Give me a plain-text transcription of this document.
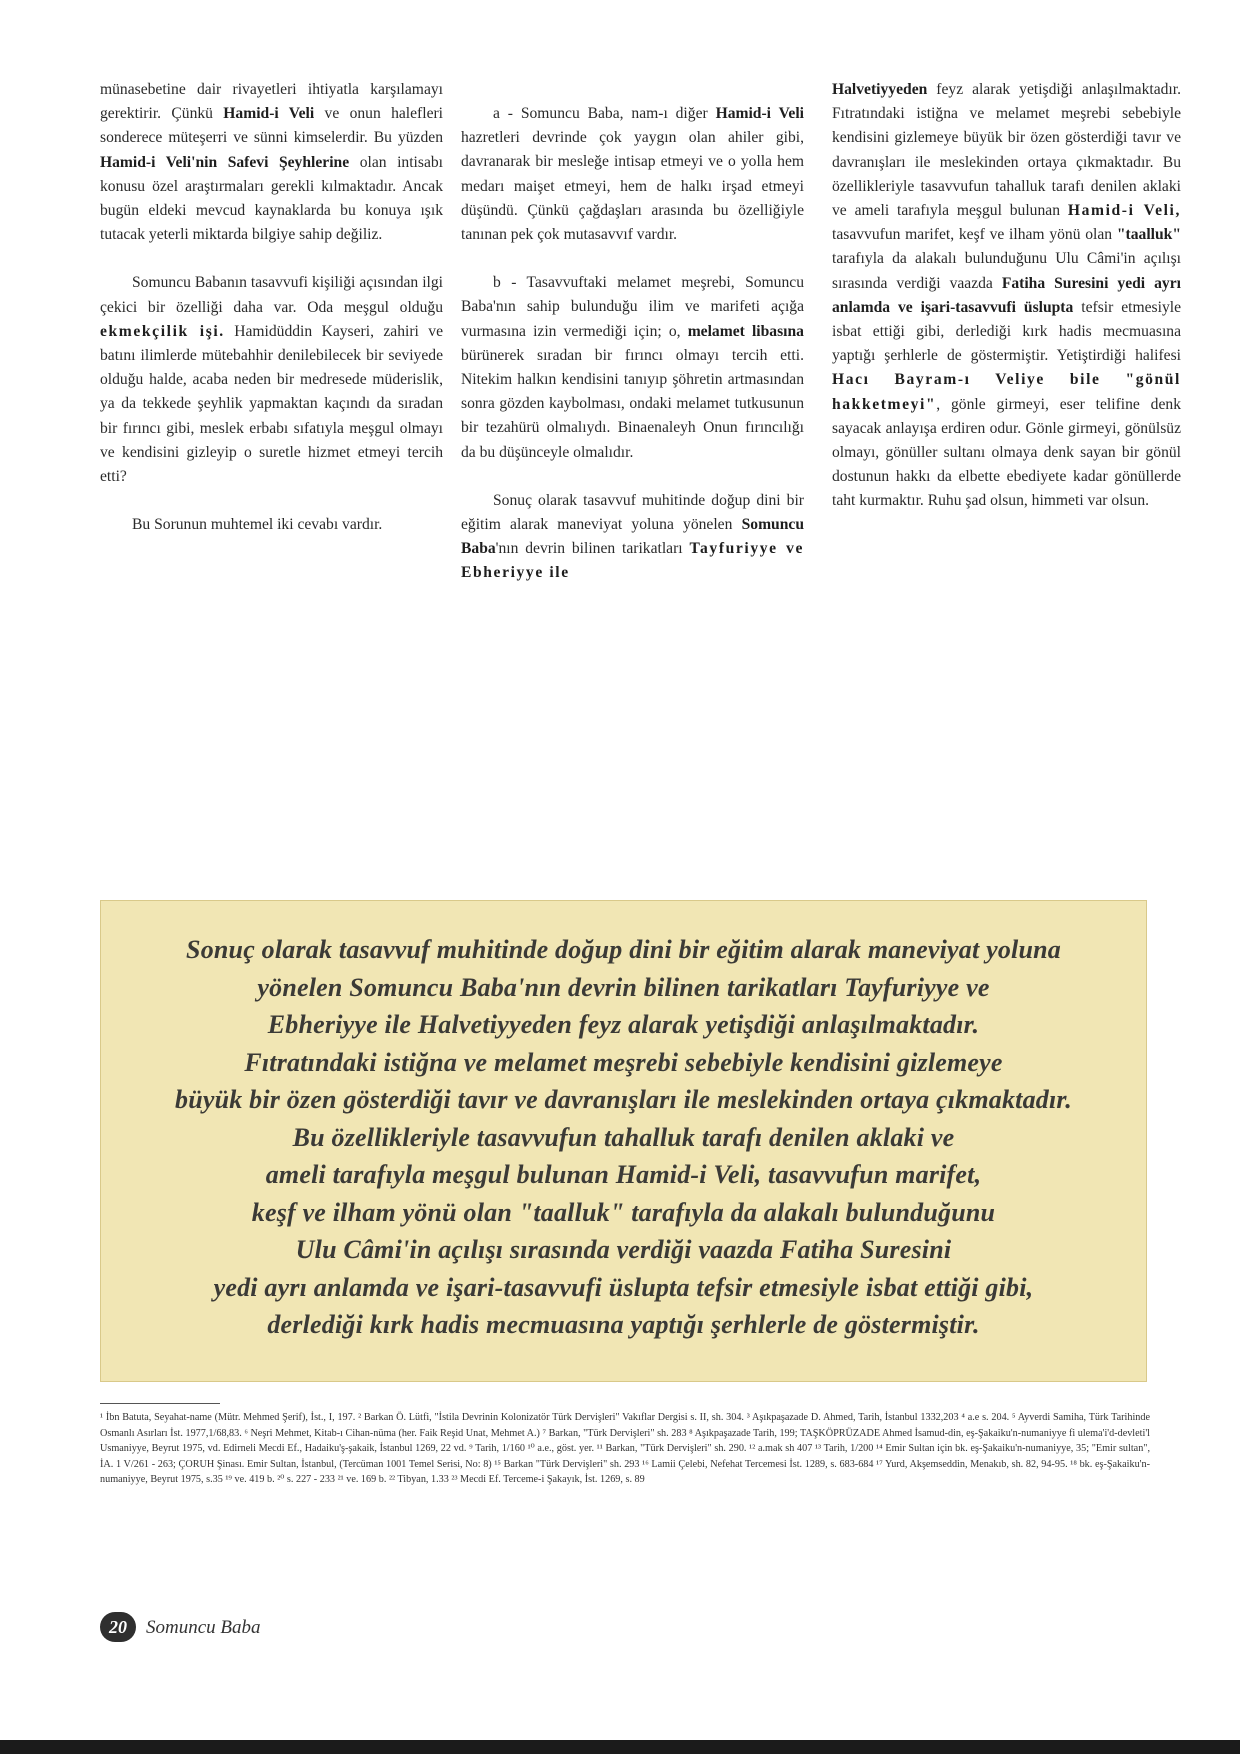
münasebetine dair rivayetleri ihtiyatla karşılamayı gerektirir. Çünkü Hamid-i Veli ve onun halefleri sonderece müteşerri ve sünni kimselerdir. Bu yüzden Hamid-i Veli'nin Safevi Şeyhlerine olan intisabı konusu özel araştırmaları gerekli kılmaktadır. Ancak bugün eldeki mevcud kaynaklarda bu konuya ışık tutacak yeterli miktarda bilgiye sahip değiliz.

Somuncu Babanın tasavvufi kişiliği açısından ilgi çekici bir özelliği daha var. Oda meşgul olduğu ekmekçilik işi. Hamidüddin Kayseri, zahiri ve batını ilimlerde mütebahhir denilebilecek bir seviyede olduğu halde, acaba neden bir medresede müderislik, ya da tekkede şeyhlik yapmaktan kaçındı da sıradan bir fırıncı gibi, meslek erbabı sıfatıyla meşgul olmayı ve kendisini gizleyip o suretle hizmet etmeyi tercih etti?

Bu Sorunun muhtemel iki cevabı vardır.

a - Somuncu Baba, nam-ı diğer Hamid-i Veli hazretleri devrinde çok yaygın olan ahiler gibi, davranarak bir mesleğe intisap etmeyi ve o yolla hem medarı maişet etmeyi, hem de halkı irşad etmeyi düşündü. Çünkü çağdaşları arasında bu özelliğiyle tanınan pek çok mutasavvıf vardır.

b - Tasavvuftaki melamet meşrebi, Somuncu Baba'nın sahip bulunduğu ilim ve marifeti açığa vurmasına izin vermediği için; o, melamet libasına bürünerek sıradan bir fırıncı olmayı tercih etti. Nitekim halkın kendisini tanıyıp şöhretin artmasından sonra gözden kaybolması, ondaki melamet tutkusunun bir tezahürü olmalıydı. Binaenaleyh Onun fırıncılığı da bu düşünceyle olmalıdır.

Sonuç olarak tasavvuf muhitinde doğup dini bir eğitim alarak maneviyat yoluna yönelen Somuncu Baba'nın devrin bilinen tarikatları Tayfuriyye ve Ebheriyye ile

Halvetiyyeden feyz alarak yetişdiği anlaşılmaktadır. Fıtratındaki istiğna ve melamet meşrebi sebebiyle kendisini gizlemeye büyük bir özen gösterdiği tavır ve davranışları ile meslekinden ortaya çıkmaktadır. Bu özellikleriyle tasavvufun tahalluk tarafı denilen aklaki ve ameli tarafıyla meşgul bulunan Hamid-i Veli, tasavvufun marifet, keşf ve ilham yönü olan "taalluk" tarafıyla da alakalı bulunduğunu Ulu Câmi'in açılışı sırasında verdiği vaazda Fatiha Suresini yedi ayrı anlamda ve işari-tasavvufi üslupta tefsir etmesiyle isbat ettiği gibi, derlediği kırk hadis mecmuasına yaptığı şerhlerle de göstermiştir. Yetiştirdiği halifesi Hacı Bayram-ı Veliye bile "gönül hakketmeyi", gönle girmeyi, eser telifine denk sayacak anlayışa erdiren odur. Gönle girmeyi, gönülsüz olmayı, gönüller sultanı olmaya denk sayan bir gönül dostunun hakkı da elbette ebediyete kadar gönüllerde taht kurmaktır. Ruhu şad olsun, himmeti var olsun.

Sonuç olarak tasavvuf muhitinde doğup dini bir eğitim alarak maneviyat yoluna
yönelen Somuncu Baba'nın devrin bilinen tarikatları Tayfuriyye ve
Ebheriyye ile Halvetiyyeden feyz alarak yetişdiği anlaşılmaktadır.
Fıtratındaki istiğna ve melamet meşrebi sebebiyle kendisini gizlemeye
büyük bir özen gösterdiği tavır ve davranışları ile meslekinden ortaya çıkmaktadır.
Bu özellikleriyle tasavvufun tahalluk tarafı denilen aklaki ve
ameli tarafıyla meşgul bulunan Hamid-i Veli, tasavvufun marifet,
keşf ve ilham yönü olan "taalluk" tarafıyla da alakalı bulunduğunu
Ulu Câmi'in açılışı sırasında verdiği vaazda Fatiha Suresini
yedi ayrı anlamda ve işari-tasavvufi üslupta tefsir etmesiyle isbat ettiği gibi,
derlediği kırk hadis mecmuasına yaptığı şerhlerle de göstermiştir.
¹ İbn Batuta, Seyahat-name (Mütr. Mehmed Şerif), İst., I, 197. ² Barkan Ö. Lütfi, "İstila Devrinin Kolonizatör Türk Dervişleri" Vakıflar Dergisi s. II, sh. 304. ³ Aşıkpaşazade D. Ahmed, Tarih, İstanbul 1332,203 ⁴ a.e s. 204. ⁵ Ayverdi Samiha, Türk Tarihinde Osmanlı Asırları İst. 1977,1/68,83. ⁶ Neşri Mehmet, Kitab-ı Cihan-nüma (her. Faik Reşid Unat, Mehmet A.) ⁷ Barkan, "Türk Dervişleri" sh. 283 ⁸ Aşıkpaşazade Tarih, 199; TAŞKÖPRÜZADE Ahmed İsamud-din, eş-Şakaiku'n-numaniyye fi ulema'i'd-devleti'l Usmaniyye, Beyrut 1975, vd. Edirneli Mecdi Ef., Hadaiku'ş-şakaik, İstanbul 1269, 22 vd. ⁹ Tarih, 1/160 ¹⁰ a.e., göst. yer. ¹¹ Barkan, "Türk Dervişleri" sh. 290. ¹² a.mak sh 407 ¹³ Tarih, 1/200 ¹⁴ Emir Sultan için bk. eş-Şakaiku'n-numaniyye, 35; "Emir sultan", İA. 1 V/261 - 263; ÇORUH Şinası. Emir Sultan, İstanbul, (Tercüman 1001 Temel Serisi, No: 8) ¹⁵ Barkan "Türk Dervişleri" sh. 293 ¹⁶ Lamii Çelebi, Nefehat Tercemesi İst. 1289, s. 683-684 ¹⁷ Yurd, Akşemseddin, Menakıb, sh. 82, 94-95. ¹⁸ bk. eş-Şakaiku'n-numaniyye, Beyrut 1975, s.35 ¹⁹ ve. 419 b. ²⁰ s. 227 - 233 ²¹ ve. 169 b. ²² Tibyan, 1.33 ²³ Mecdi Ef. Terceme-i Şakayık, İst. 1269, s. 89
20	Somuncu Baba
